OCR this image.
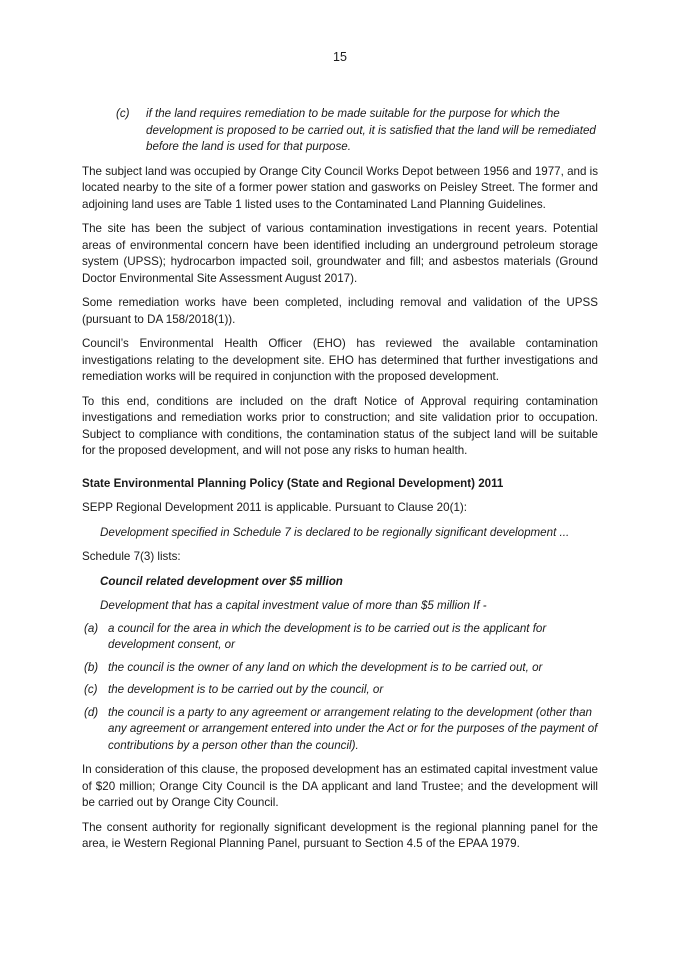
15
(c)	if the land requires remediation to be made suitable for the purpose for which the development is proposed to be carried out, it is satisfied that the land will be remediated before the land is used for that purpose.

The subject land was occupied by Orange City Council Works Depot between 1956 and 1977, and is located nearby to the site of a former power station and gasworks on Peisley Street. The former and adjoining land uses are Table 1 listed uses to the Contaminated Land Planning Guidelines.

The site has been the subject of various contamination investigations in recent years. Potential areas of environmental concern have been identified including an underground petroleum storage system (UPSS); hydrocarbon impacted soil, groundwater and fill; and asbestos materials (Ground Doctor Environmental Site Assessment August 2017).

Some remediation works have been completed, including removal and validation of the UPSS (pursuant to DA 158/2018(1)).

Council’s Environmental Health Officer (EHO) has reviewed the available contamination investigations relating to the development site. EHO has determined that further investigations and remediation works will be required in conjunction with the proposed development.

To this end, conditions are included on the draft Notice of Approval requiring contamination investigations and remediation works prior to construction; and site validation prior to occupation. Subject to compliance with conditions, the contamination status of the subject land will be suitable for the proposed development, and will not pose any risks to human health.

State Environmental Planning Policy (State and Regional Development) 2011

SEPP Regional Development 2011 is applicable. Pursuant to Clause 20(1):

Development specified in Schedule 7 is declared to be regionally significant development ...

Schedule 7(3) lists:

Council related development over $5 million
Development that has a capital investment value of more than $5 million If -
(a) a council for the area in which the development is to be carried out is the applicant for development consent, or
(b) the council is the owner of any land on which the development is to be carried out, or
(c) the development is to be carried out by the council, or
(d) the council is a party to any agreement or arrangement relating to the development (other than any agreement or arrangement entered into under the Act or for the purposes of the payment of contributions by a person other than the council).

In consideration of this clause, the proposed development has an estimated capital investment value of $20 million; Orange City Council is the DA applicant and land Trustee; and the development will be carried out by Orange City Council.

The consent authority for regionally significant development is the regional planning panel for the area, ie Western Regional Planning Panel, pursuant to Section 4.5 of the EPAA 1979.
